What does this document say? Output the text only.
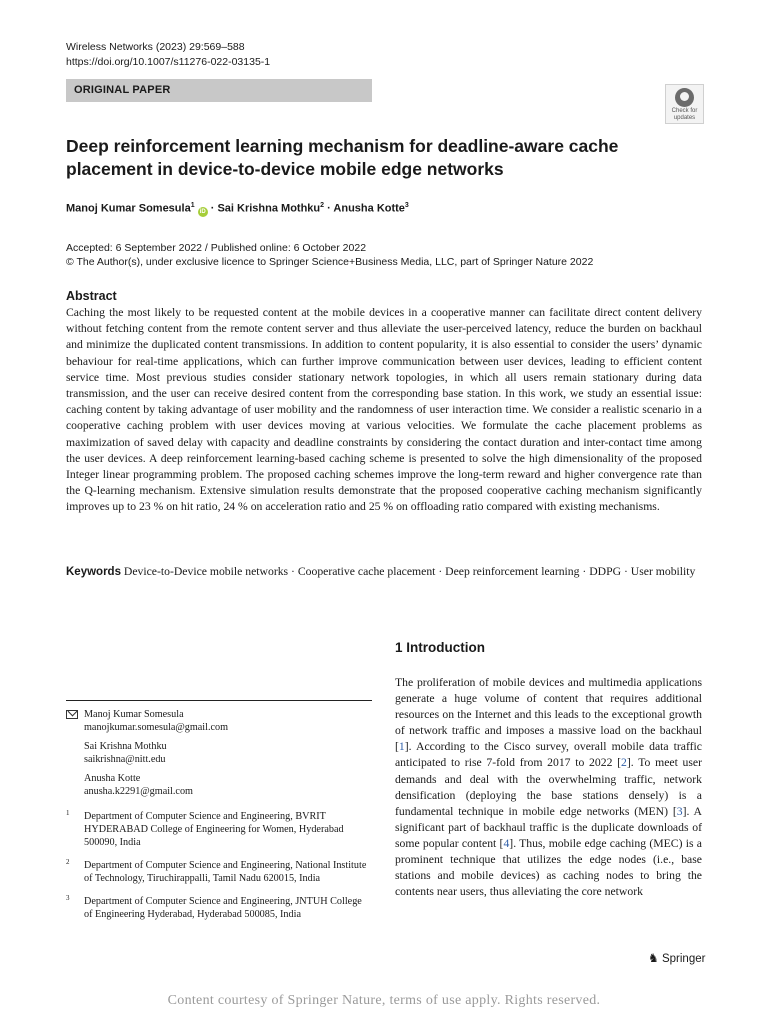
Wireless Networks (2023) 29:569–588
https://doi.org/10.1007/s11276-022-03135-1
ORIGINAL PAPER
Check for
updates
Deep reinforcement learning mechanism for deadline-aware cache placement in device-to-device mobile edge networks
Manoj Kumar Somesula$^1$ iD · Sai Krishna Mothku$^2$ · Anusha Kotte$^3$
Accepted: 6 September 2022 / Published online: 6 October 2022
© The Author(s), under exclusive licence to Springer Science+Business Media, LLC, part of Springer Nature 2022
Abstract
Caching the most likely to be requested content at the mobile devices in a cooperative manner can facilitate direct content delivery without fetching content from the remote content server and thus alleviate the user-perceived latency, reduce the burden on backhaul and minimize the duplicated content transmissions. In addition to content popularity, it is also essential to consider the users’ dynamic behaviour for real-time applications, which can further improve communication between user devices, leading to efficient content service time. Most previous studies consider stationary network topologies, in which all users remain stationary during data transmission, and the user can receive desired content from the corresponding base station. In this work, we study an essential issue: caching content by taking advantage of user mobility and the randomness of user interaction time. We consider a realistic scenario in a cooperative caching problem with user devices moving at various velocities. We formulate the cache placement problems as maximization of saved delay with capacity and deadline constraints by considering the contact duration and inter-contact time among the user devices. A deep reinforcement learning-based caching scheme is presented to solve the high dimensionality of the proposed Integer linear programming problem. The proposed caching schemes improve the long-term reward and higher convergence rate than the Q-learning mechanism. Extensive simulation results demonstrate that the proposed cooperative caching mechanism significantly improves up to 23 % on hit ratio, 24 % on acceleration ratio and 25 % on offloading ratio compared with existing mechanisms.
Keywords Device-to-Device mobile networks · Cooperative cache placement · Deep reinforcement learning · DDPG · User mobility
1 Introduction
The proliferation of mobile devices and multimedia applications generate a huge volume of content that requires additional resources on the Internet and this leads to the exceptional growth of network traffic and imposes a massive load on the backhaul [1]. According to the Cisco survey, overall mobile data traffic anticipated to rise 7-fold from 2017 to 2022 [2]. To meet user demands and deal with the overwhelming traffic, network densification (deploying the base stations densely) is a fundamental technique in mobile edge networks (MEN) [3]. A significant part of backhaul traffic is the duplicate downloads of some popular content [4]. Thus, mobile edge caching (MEC) is a prominent technique that utilizes the edge nodes (i.e., base stations and mobile devices) as caching nodes to bring the contents near users, thus alleviating the core network
Manoj Kumar Somesula
manojkumar.somesula@gmail.com
Sai Krishna Mothku
saikrishna@nitt.edu
Anusha Kotte
anusha.k2291@gmail.com
1 Department of Computer Science and Engineering, BVRIT HYDERABAD College of Engineering for Women, Hyderabad 500090, India
2 Department of Computer Science and Engineering, National Institute of Technology, Tiruchirappalli, Tamil Nadu 620015, India
3 Department of Computer Science and Engineering, JNTUH College of Engineering Hyderabad, Hyderabad 500085, India
♞ Springer
Content courtesy of Springer Nature, terms of use apply. Rights reserved.
